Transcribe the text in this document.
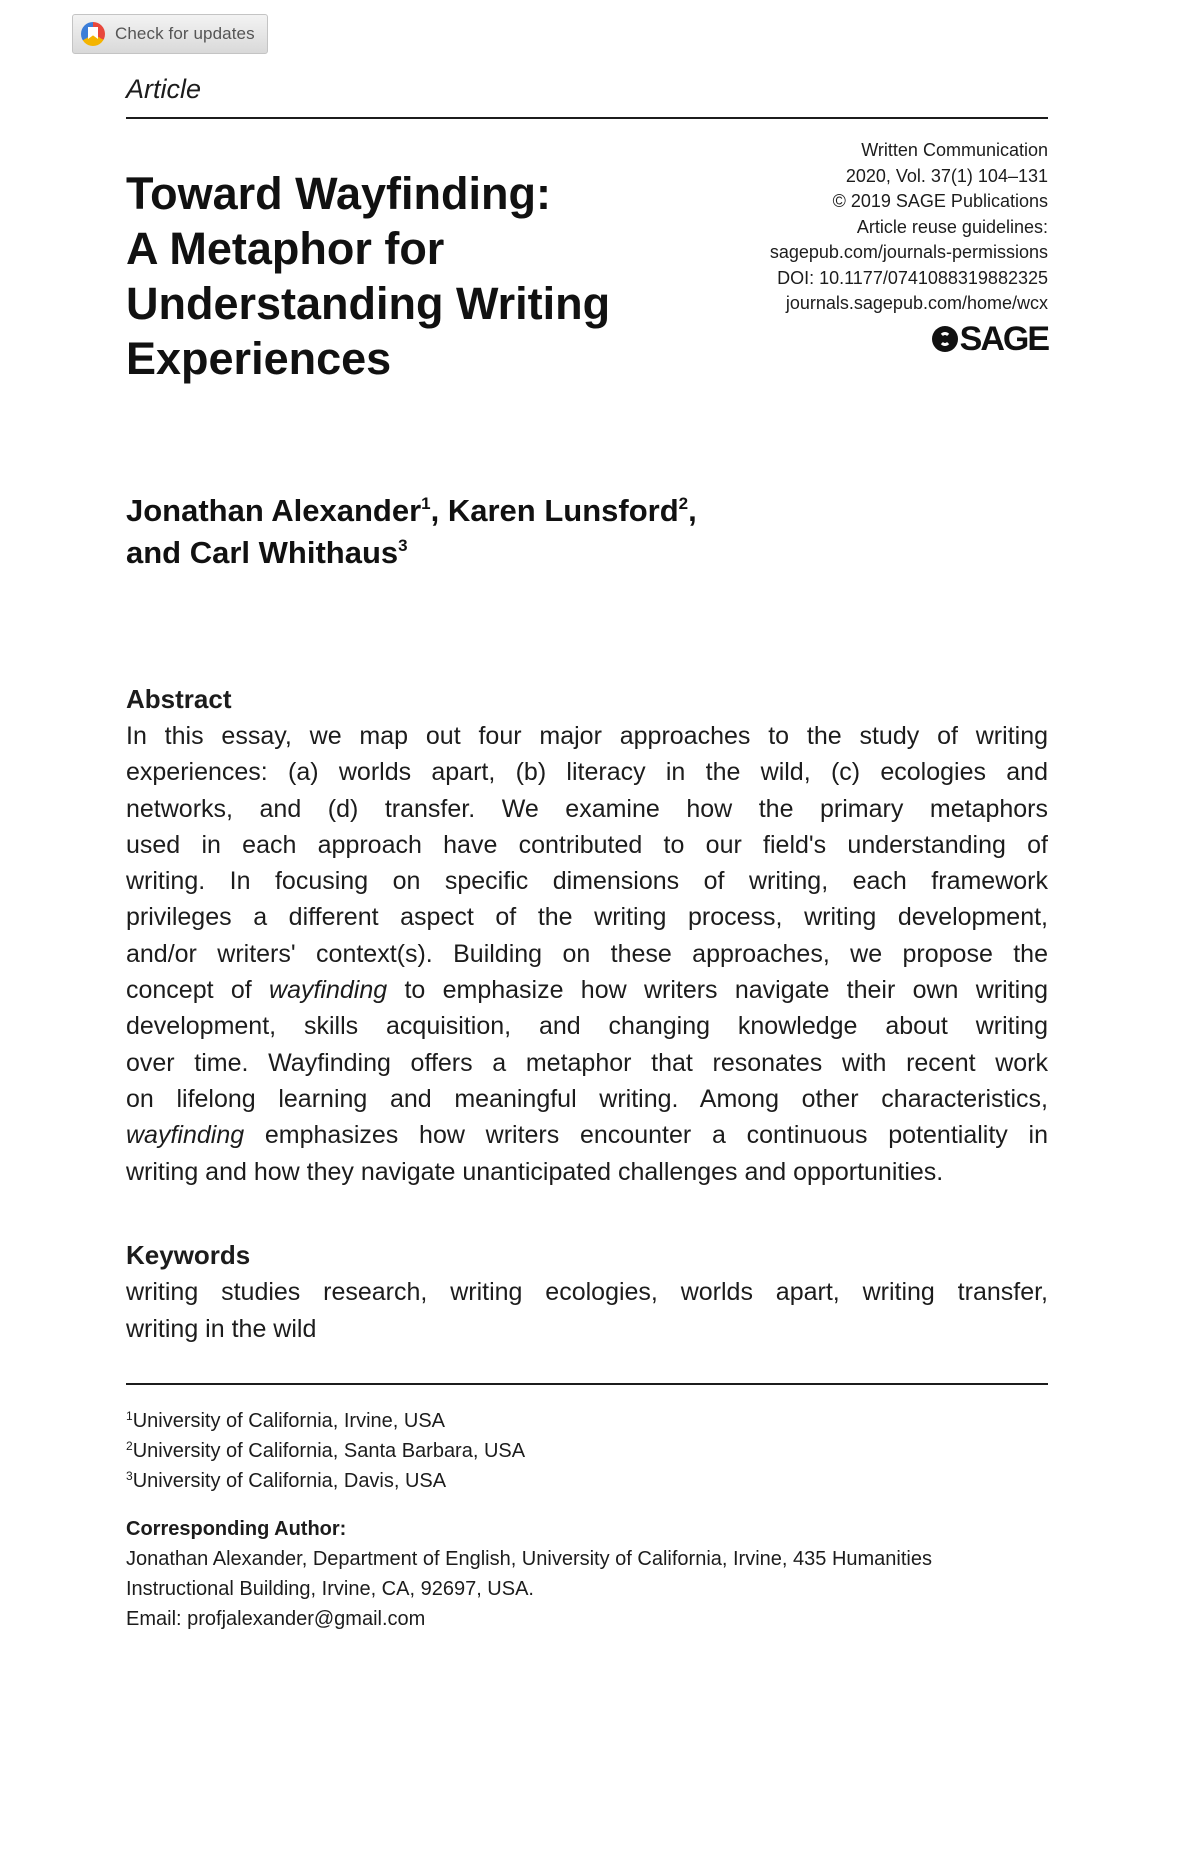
Check for updates
Article
Toward Wayfinding:
A Metaphor for
Understanding Writing
Experiences
Written Communication
2020, Vol. 37(1) 104–131
© 2019 SAGE Publications
Article reuse guidelines:
sagepub.com/journals-permissions
DOI: 10.1177/0741088319882325
journals.sagepub.com/home/wcx
SAGE
Jonathan Alexander$^1$, Karen Lunsford$^2$,
and Carl Whithaus$^3$
Abstract
In this essay, we map out four major approaches to the study of writing
experiences: (a) worlds apart, (b) literacy in the wild, (c) ecologies and
networks, and (d) transfer. We examine how the primary metaphors
used in each approach have contributed to our field's understanding of
writing. In focusing on specific dimensions of writing, each framework
privileges a different aspect of the writing process, writing development,
and/or writers' context(s). Building on these approaches, we propose the
concept of wayfinding to emphasize how writers navigate their own writing
development, skills acquisition, and changing knowledge about writing
over time. Wayfinding offers a metaphor that resonates with recent work
on lifelong learning and meaningful writing. Among other characteristics,
wayfinding emphasizes how writers encounter a continuous potentiality in
writing and how they navigate unanticipated challenges and opportunities.
Keywords
writing studies research, writing ecologies, worlds apart, writing transfer,
writing in the wild
$^1$University of California, Irvine, USA
$^2$University of California, Santa Barbara, USA
$^3$University of California, Davis, USA
Corresponding Author:
Jonathan Alexander, Department of English, University of California, Irvine, 435 Humanities
Instructional Building, Irvine, CA, 92697, USA.
Email: profjalexander@gmail.com
